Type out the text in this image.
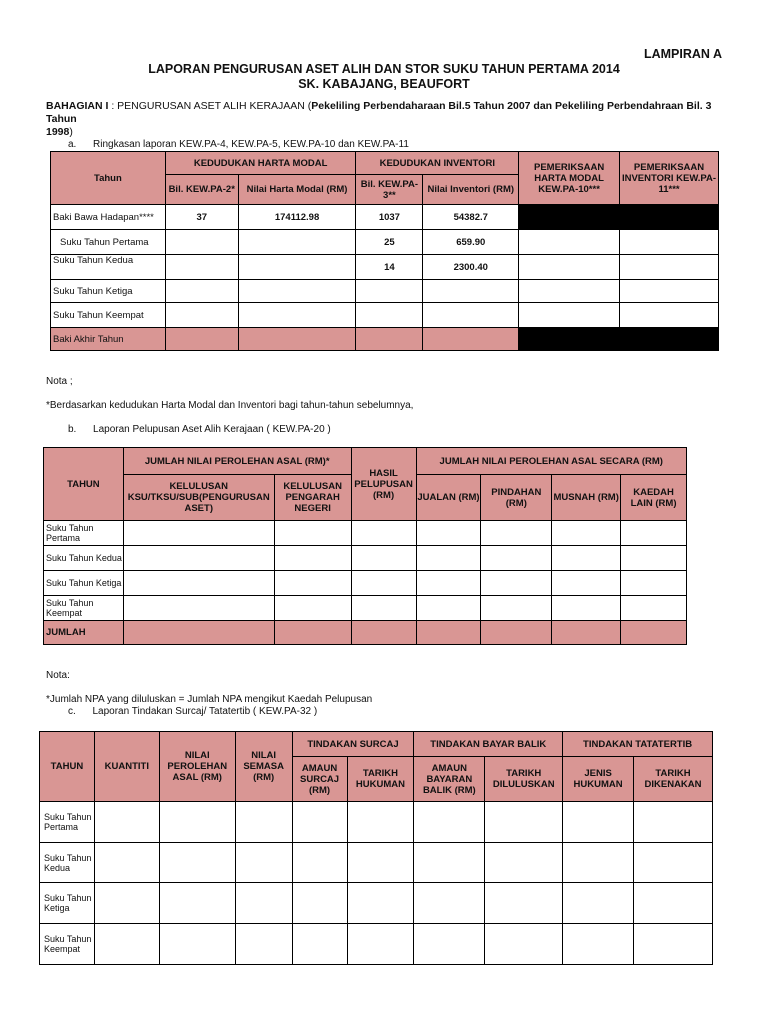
LAMPIRAN A
LAPORAN PENGURUSAN ASET ALIH DAN STOR SUKU TAHUN PERTAMA 2014
SK. KABAJANG, BEAUFORT
BAHAGIAN I : PENGURUSAN ASET ALIH KERAJAAN (Pekeliling Perbendaharaan Bil.5 Tahun 2007 dan Pekeliling Perbendahraan Bil. 3 Tahun
1998)
a.      Ringkasan laporan KEW.PA-4, KEW.PA-5, KEW.PA-10 dan KEW.PA-11
Tahun	KEDUDUKAN HARTA MODAL		KEDUDUKAN INVENTORI		PEMERIKSAAN HARTA MODAL KEW.PA-10***	PEMERIKSAAN INVENTORI KEW.PA-11***
	Bil. KEW.PA-2*	Nilai Harta Modal (RM)	Bil. KEW.PA-3**	Nilai Inventori (RM)		
Baki Bawa Hadapan****	37	174112.98	1037	54382.7		
Suku Tahun Pertama			25	659.90		
Suku Tahun Kedua			14	2300.40		
Suku Tahun Ketiga						
Suku Tahun Keempat						
Baki Akhir Tahun						
Nota ;
*Berdasarkan kedudukan Harta Modal dan Inventori bagi tahun-tahun sebelumnya,
b.      Laporan Pelupusan Aset Alih Kerajaan ( KEW.PA-20 )
TAHUN	JUMLAH NILAI PEROLEHAN ASAL (RM)*		HASIL PELUPUSAN (RM)	JUMLAH NILAI PEROLEHAN ASAL SECARA (RM)			
	KELULUSAN KSU/TKSU/SUB(PENGURUSAN ASET)	KELULUSAN PENGARAH NEGERI		JUALAN (RM)	PINDAHAN (RM)	MUSNAH (RM)	KAEDAH LAIN (RM)
Suku Tahun Pertama							
Suku Tahun Kedua							
Suku Tahun Ketiga							
Suku Tahun Keempat							
JUMLAH							
Nota:
*Jumlah NPA yang diluluskan = Jumlah NPA mengikut Kaedah Pelupusan
c.      Laporan Tindakan Surcaj/ Tatatertib ( KEW.PA-32 )
TAHUN	KUANTITI	NILAI PEROLEHAN ASAL (RM)	NILAI SEMASA (RM)	TINDAKAN SURCAJ		TINDAKAN BAYAR BALIK		TINDAKAN TATATERTIB	
				AMAUN SURCAJ (RM)	TARIKH HUKUMAN	AMAUN BAYARAN BALIK (RM)	TARIKH DILULUSKAN	JENIS HUKUMAN	TARIKH DIKENAKAN
Suku Tahun Pertama									
Suku Tahun Kedua									
Suku Tahun Ketiga									
Suku Tahun Keempat									
